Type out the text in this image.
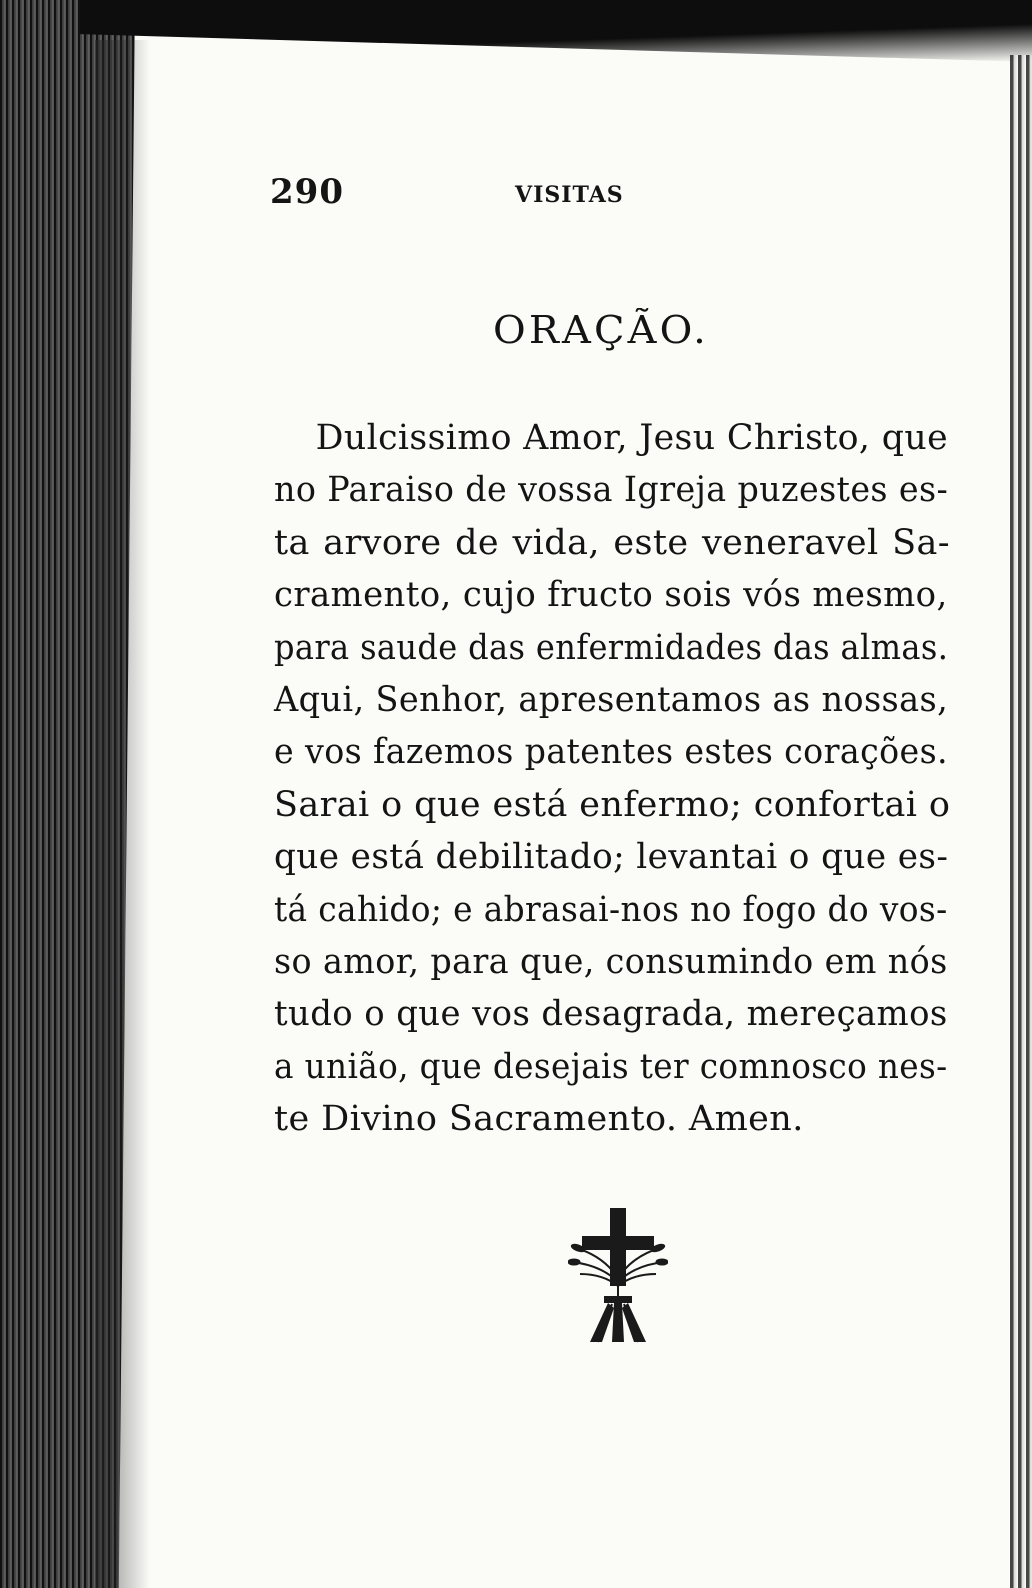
290	VISITAS
ORAÇÃO.
Dulcissimo Amor, Jesu Christo, que
no Paraiso de vossa Igreja puzestes es-
ta arvore de vida, este veneravel Sa-
cramento, cujo fructo sois vós mesmo,
para saude das enfermidades das almas.
Aqui, Senhor, apresentamos as nossas,
e vos fazemos patentes estes corações.
Sarai o que está enfermo; confortai o
que está debilitado; levantai o que es-
tá cahido; e abrasai-nos no fogo do vos-
so amor, para que, consumindo em nós
tudo o que vos desagrada, mereçamos
a união, que desejais ter comnosco nes-
te Divino Sacramento. Amen.
